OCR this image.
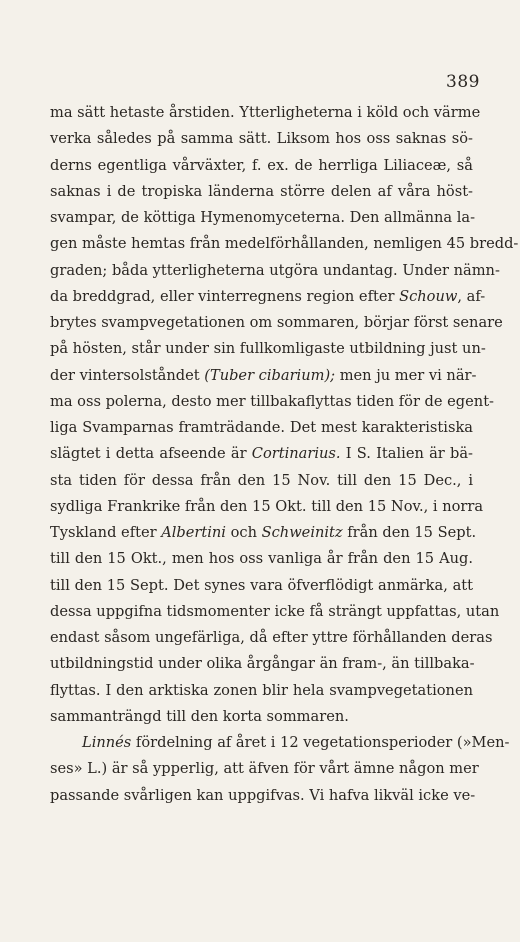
389
ma sätt hetaste årstiden. Ytterligheterna i köld och värme
verka således på samma sätt. Liksom hos oss saknas sö-
derns egentliga vårväxter, f. ex. de herrliga Liliaceæ, så
saknas i de tropiska länderna större delen af våra höst-
svampar, de köttiga Hymenomyceterna. Den allmänna la-
gen måste hemtas från medelförhållanden, nemligen 45 bredd-
graden; båda ytterligheterna utgöra undantag. Under nämn-
da breddgrad, eller vinterregnens region efter Schouw, af-
brytes svampvegetationen om sommaren, börjar först senare
på hösten, står under sin fullkomligaste utbildning just un-
der vintersolståndet (Tuber cibarium); men ju mer vi när-
ma oss polerna, desto mer tillbakaflyttas tiden för de egent-
liga Svamparnas framträdande. Det mest karakteristiska
slägtet i detta afseende är Cortinarius. I S. Italien är bä-
sta tiden för dessa från den 15 Nov. till den 15 Dec., i
sydliga Frankrike från den 15 Okt. till den 15 Nov., i norra
Tyskland efter Albertini och Schweinitz från den 15 Sept.
till den 15 Okt., men hos oss vanliga år från den 15 Aug.
till den 15 Sept. Det synes vara öfverflödigt anmärka, att
dessa uppgifna tidsmomenter icke få strängt uppfattas, utan
endast såsom ungefärliga, då efter yttre förhållanden deras
utbildningstid under olika årgångar än fram-, än tillbaka-
flyttas. I den arktiska zonen blir hela svampvegetationen
sammanträngd till den korta sommaren.
Linnés fördelning af året i 12 vegetationsperioder (»Men-
ses» L.) är så ypperlig, att äfven för vårt ämne någon mer
passande svårligen kan uppgifvas. Vi hafva likväl icke ve-
